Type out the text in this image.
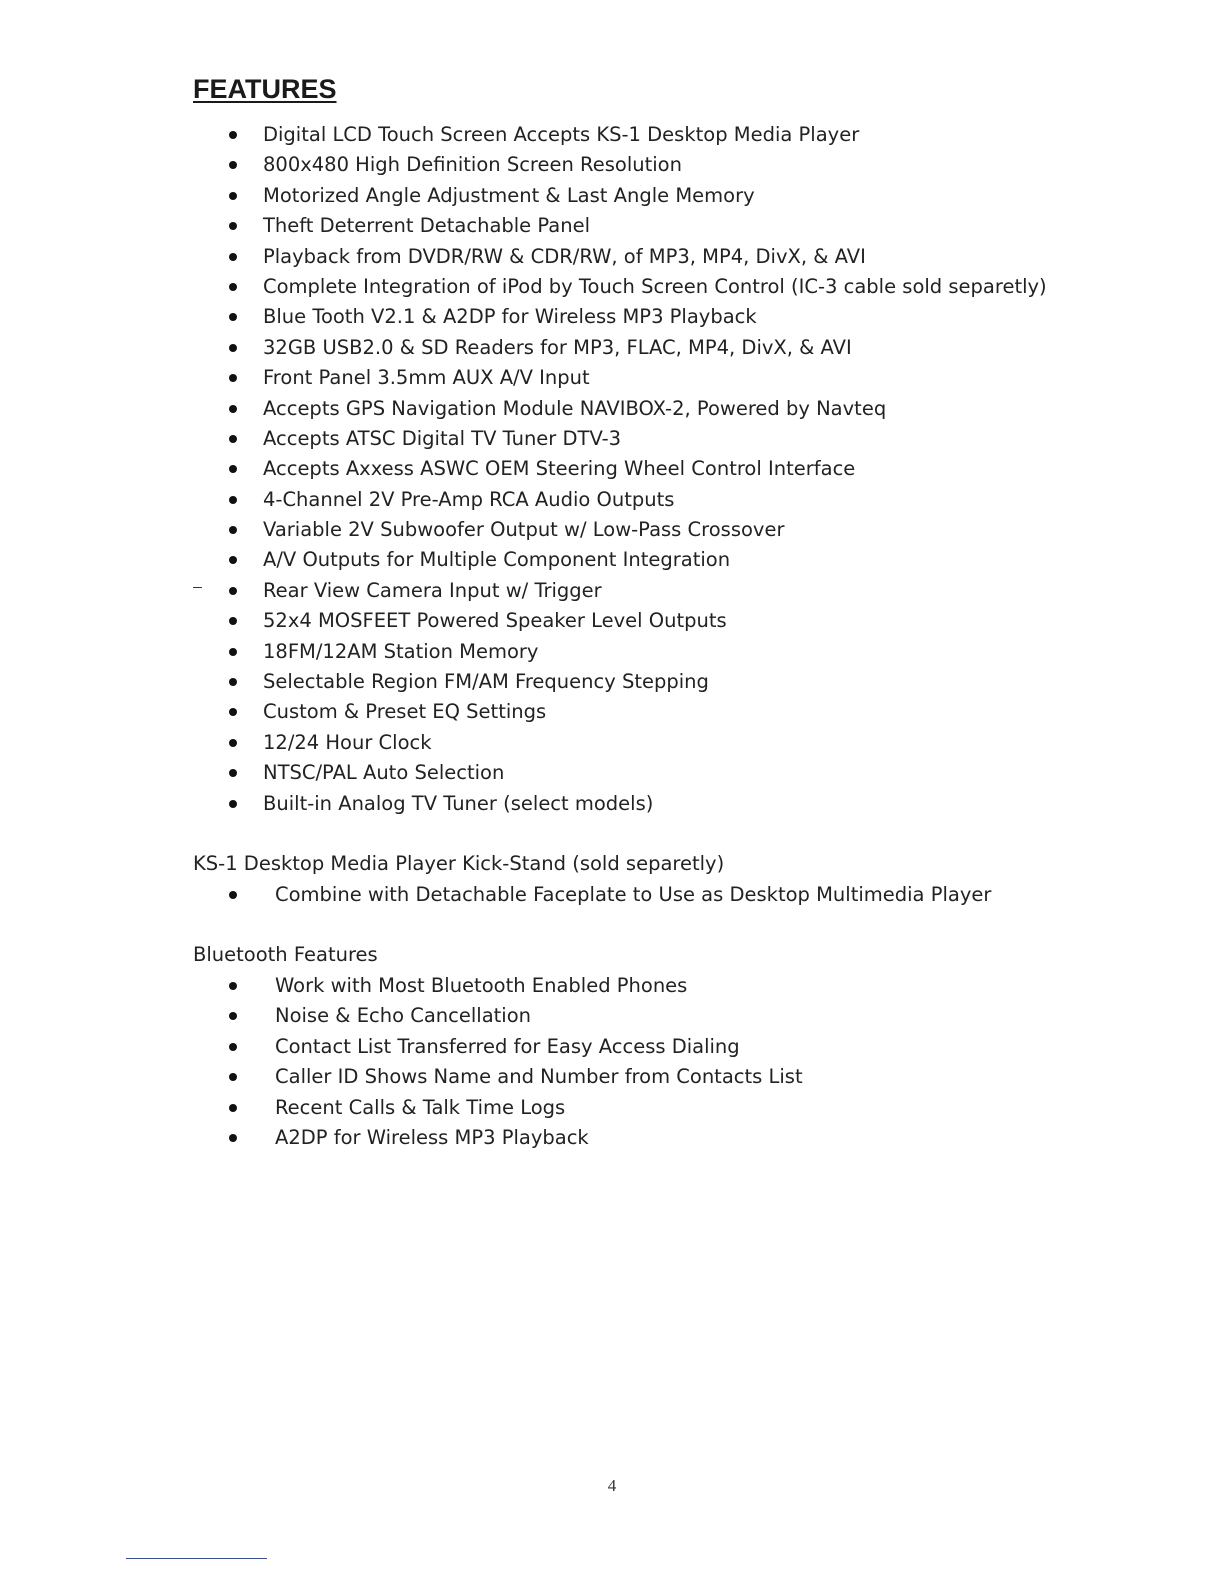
FEATURES
Digital LCD Touch Screen Accepts KS-1 Desktop Media Player
800x480 High Definition Screen Resolution
Motorized Angle Adjustment & Last Angle Memory
Theft Deterrent Detachable Panel
Playback from DVDR/RW & CDR/RW, of MP3, MP4, DivX, & AVI
Complete Integration of iPod by Touch Screen Control (IC-3 cable sold separetly)
Blue Tooth V2.1 & A2DP for Wireless MP3 Playback
32GB USB2.0 & SD Readers for MP3, FLAC, MP4, DivX, & AVI
Front Panel 3.5mm AUX A/V Input
Accepts GPS Navigation Module NAVIBOX-2, Powered by Navteq
Accepts ATSC Digital TV Tuner DTV-3
Accepts Axxess ASWC OEM Steering Wheel Control Interface
4-Channel 2V Pre-Amp RCA Audio Outputs
Variable 2V Subwoofer Output w/ Low-Pass Crossover
A/V Outputs for Multiple Component Integration
Rear View Camera Input w/ Trigger
52x4 MOSFEET Powered Speaker Level Outputs
18FM/12AM Station Memory
Selectable Region FM/AM Frequency Stepping
Custom & Preset EQ Settings
12/24 Hour Clock
NTSC/PAL Auto Selection
Built-in Analog TV Tuner (select models)

KS-1 Desktop Media Player Kick-Stand (sold separetly)

Combine with Detachable Faceplate to Use as Desktop Multimedia Player

Bluetooth Features

Work with Most Bluetooth Enabled Phones
Noise & Echo Cancellation
Contact List Transferred for Easy Access Dialing
Caller ID Shows Name and Number from Contacts List
Recent Calls & Talk Time Logs
A2DP for Wireless MP3 Playback
4
